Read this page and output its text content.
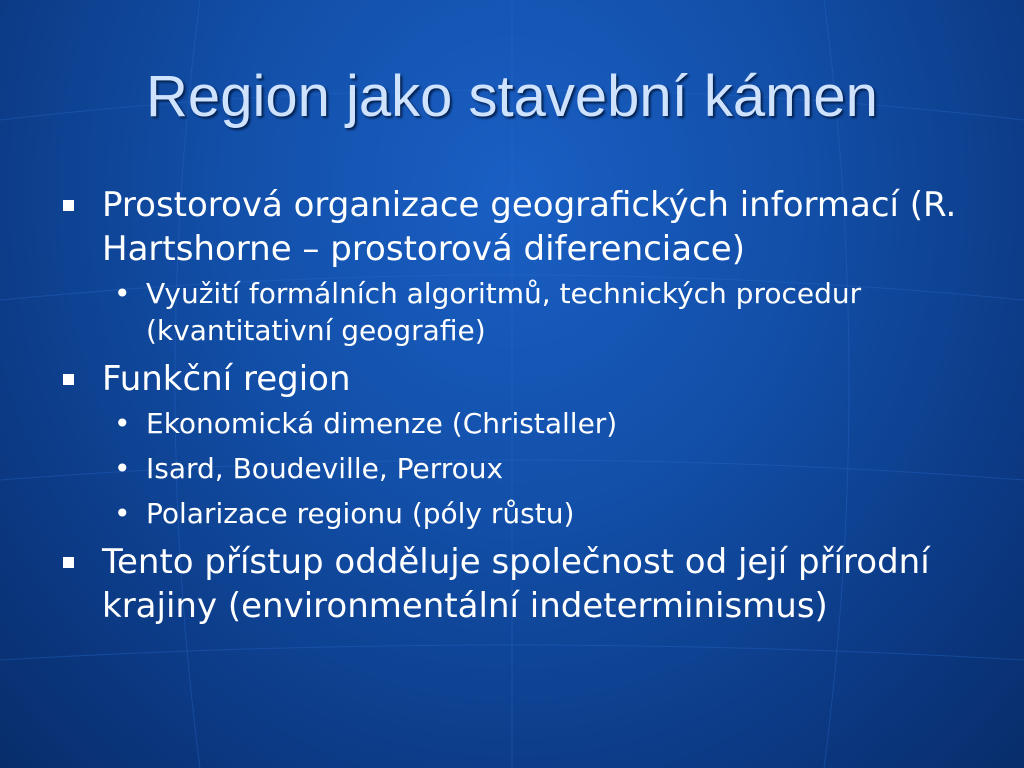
Region jako stavební kámen
Prostorová organizace geografických informací (R. Hartshorne – prostorová diferenciace)
• Využití formálních algoritmů, technických procedur (kvantitativní geografie)
Funkční region
• Ekonomická dimenze (Christaller)
• Isard, Boudeville, Perroux
• Polarizace regionu (póly růstu)
Tento přístup odděluje společnost od její přírodní krajiny (environmentální indeterminismus)
